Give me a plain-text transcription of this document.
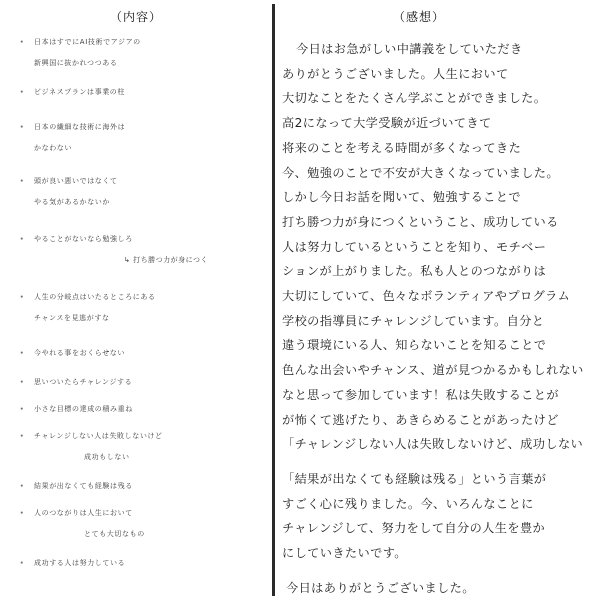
（内容）	（感想）
・ 日本はすでにAI技術でアジアの
新興国に抜かれつつある
・ ビジネスプランは事業の柱
・ 日本の繊細な技術に海外は
かなわない
・ 頭が良い悪いではなくて
やる気があるかないか
・ やることがないなら勉強しろ
↳ 打ち勝つ力が身につく
・ 人生の分岐点はいたるところにある
チャンスを見逃がすな
・ 今やれる事をおくらせない
・ 思いついたらチャレンジする
・ 小さな目標の達成の積み重ね
・ チャレンジしない人は失敗しないけど
成功もしない
・ 結果が出なくても経験は残る
・ 人のつながりは人生において
とても大切なもの
・ 成功する人は努力している
今日はお急がしい中講義をしていただき
ありがとうございました。人生において
大切なことをたくさん学ぶことができました。
高2になって大学受験が近づいてきて
将来のことを考える時間が多くなってきた
今、勉強のことで不安が大きくなっていました。
しかし今日お話を聞いて、勉強することで
打ち勝つ力が身につくということ、成功している
人は努力しているということを知り、モチベー
ションが上がりました。私も人とのつながりは
大切にしていて、色々なボランティアやプログラム
学校の指導員にチャレンジしています。自分と
違う環境にいる人、知らないことを知ることで
色んな出会いやチャンス、道が見つかるかもしれない
なと思って参加しています！私は失敗することが
が怖くて逃げたり、あきらめることがあったけど
「チャレンジしない人は失敗しないけど、成功しない
「結果が出なくても経験は残る」という言葉が
すごく心に残りました。今、いろんなことに
チャレンジして、努力をして自分の人生を豊か
にしていきたいです。
今日はありがとうございました。
